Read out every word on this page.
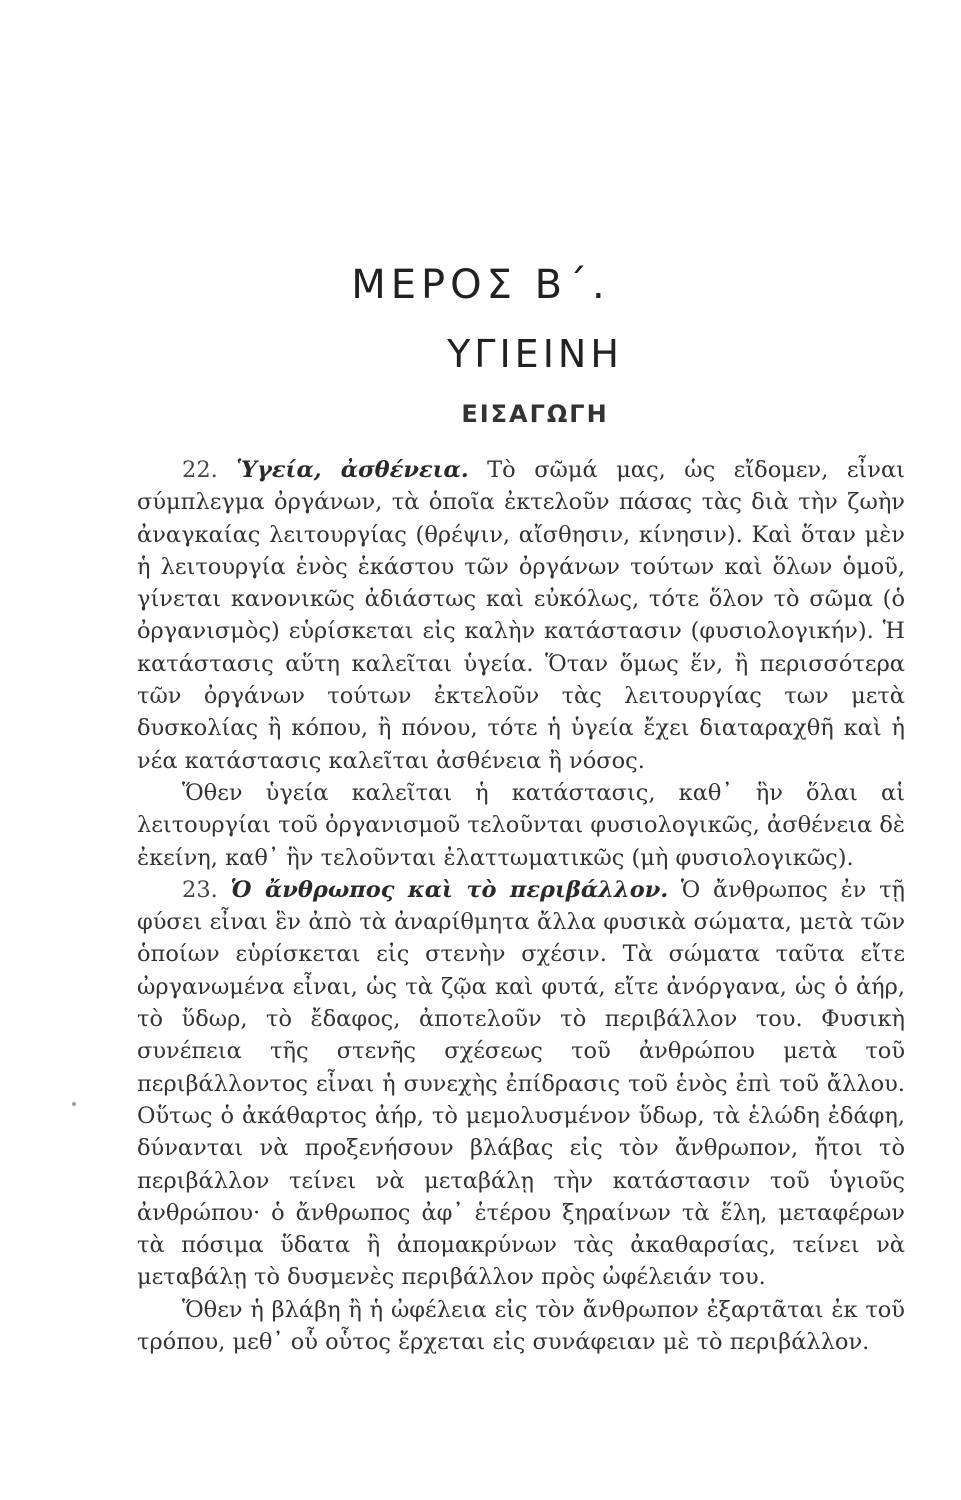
ΜΕΡΟΣ Β΄.
ΥΓΙΕΙΝΗ
ΕΙΣΑΓΩΓΗ

22. Ὑγεία, ἀσθένεια. Τὸ σῶμά μας, ὡς εἴδομεν, εἶναι σύμπλεγμα ὀργάνων, τὰ ὁποῖα ἐκτελοῦν πάσας τὰς διὰ τὴν ζωὴν ἀναγκαίας λειτουργίας (θρέψιν, αἴσθησιν, κίνησιν). Καὶ ὅταν μὲν ἡ λειτουργία ἑνὸς ἑκάστου τῶν ὀργάνων τούτων καὶ ὅλων ὁμοῦ, γίνεται κανονικῶς ἀδιάστως καὶ εὐκόλως, τότε ὅλον τὸ σῶμα (ὁ ὀργανισμὸς) εὑρίσκεται εἰς καλὴν κατάστασιν (φυσιολογικήν). Ἡ κατάστασις αὕτη καλεῖται ὑγεία. Ὅταν ὅμως ἕν, ἢ περισσότερα τῶν ὀργάνων τούτων ἐκτελοῦν τὰς λειτουργίας των μετὰ δυσκολίας ἢ κόπου, ἢ πόνου, τότε ἡ ὑγεία ἔχει διαταραχθῆ καὶ ἡ νέα κατάστασις καλεῖται ἀσθένεια ἢ νόσος.

Ὅθεν ὑγεία καλεῖται ἡ κατάστασις, καθ᾽ ἣν ὅλαι αἱ λειτουργίαι τοῦ ὀργανισμοῦ τελοῦνται φυσιολογικῶς, ἀσθένεια δὲ ἐκείνη, καθ᾽ ἣν τελοῦνται ἐλαττωματικῶς (μὴ φυσιολογικῶς).

23. Ὁ ἄνθρωπος καὶ τὸ περιβάλλον. Ὁ ἄνθρωπος ἐν τῇ φύσει εἶναι ἓν ἀπὸ τὰ ἀναρίθμητα ἄλλα φυσικὰ σώματα, μετὰ τῶν ὁποίων εὑρίσκεται εἰς στενὴν σχέσιν. Τὰ σώματα ταῦτα εἴτε ὠργανωμένα εἶναι, ὡς τὰ ζῷα καὶ φυτά, εἴτε ἀνόργανα, ὡς ὁ ἀήρ, τὸ ὕδωρ, τὸ ἔδαφος, ἀποτελοῦν τὸ περιβάλλον του. Φυσικὴ συνέπεια τῆς στενῆς σχέσεως τοῦ ἀνθρώπου μετὰ τοῦ περιβάλλοντος εἶναι ἡ συνεχὴς ἐπίδρασις τοῦ ἑνὸς ἐπὶ τοῦ ἄλλου. Οὕτως ὁ ἀκάθαρτος ἀήρ, τὸ μεμολυσμένον ὕδωρ, τὰ ἑλώδη ἐδάφη, δύνανται νὰ προξενήσουν βλάβας εἰς τὸν ἄνθρωπον, ἤτοι τὸ περιβάλλον τείνει νὰ μεταβάλῃ τὴν κατάστασιν τοῦ ὑγιοῦς ἀνθρώπου· ὁ ἄνθρωπος ἀφ᾽ ἑτέρου ξηραίνων τὰ ἕλη, μεταφέρων τὰ πόσιμα ὕδατα ἢ ἀπομακρύνων τὰς ἀκαθαρσίας, τείνει νὰ μεταβάλῃ τὸ δυσμενὲς περιβάλλον πρὸς ὠφέλειάν του.

Ὅθεν ἡ βλάβη ἢ ἡ ὠφέλεια εἰς τὸν ἄνθρωπον ἐξαρτᾶται ἐκ τοῦ τρόπου, μεθ᾽ οὗ οὗτος ἔρχεται εἰς συνάφειαν μὲ τὸ περιβάλλον.
